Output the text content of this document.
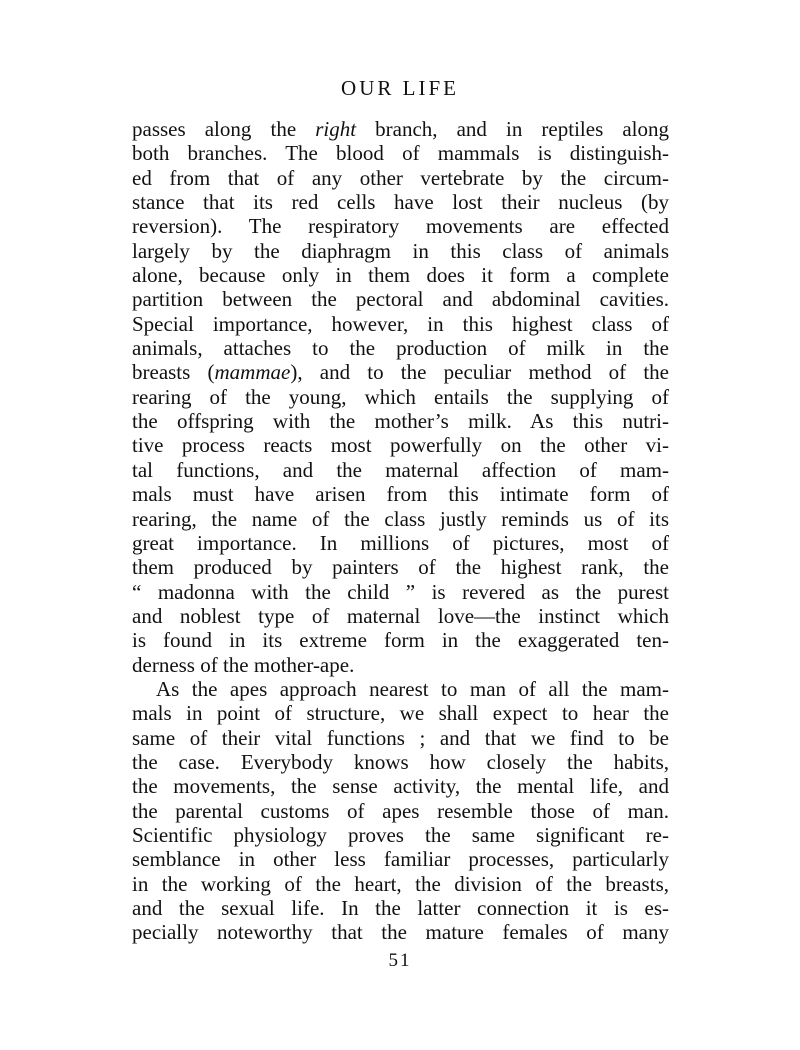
OUR LIFE
passes along the right branch, and in reptiles along
both branches. The blood of mammals is distinguish-
ed from that of any other vertebrate by the circum-
stance that its red cells have lost their nucleus (by
reversion). The respiratory movements are effected
largely by the diaphragm in this class of animals
alone, because only in them does it form a complete
partition between the pectoral and abdominal cavities.
Special importance, however, in this highest class of
animals, attaches to the production of milk in the
breasts (mammae), and to the peculiar method of the
rearing of the young, which entails the supplying of
the offspring with the mother’s milk. As this nutri-
tive process reacts most powerfully on the other vi-
tal functions, and the maternal affection of mam-
mals must have arisen from this intimate form of
rearing, the name of the class justly reminds us of its
great importance. In millions of pictures, most of
them produced by painters of the highest rank, the
“ madonna with the child ” is revered as the purest
and noblest type of maternal love—the instinct which
is found in its extreme form in the exaggerated ten-
derness of the mother-ape.
As the apes approach nearest to man of all the mam-
mals in point of structure, we shall expect to hear the
same of their vital functions ; and that we find to be
the case. Everybody knows how closely the habits,
the movements, the sense activity, the mental life, and
the parental customs of apes resemble those of man.
Scientific physiology proves the same significant re-
semblance in other less familiar processes, particularly
in the working of the heart, the division of the breasts,
and the sexual life. In the latter connection it is es-
pecially noteworthy that the mature females of many
51
